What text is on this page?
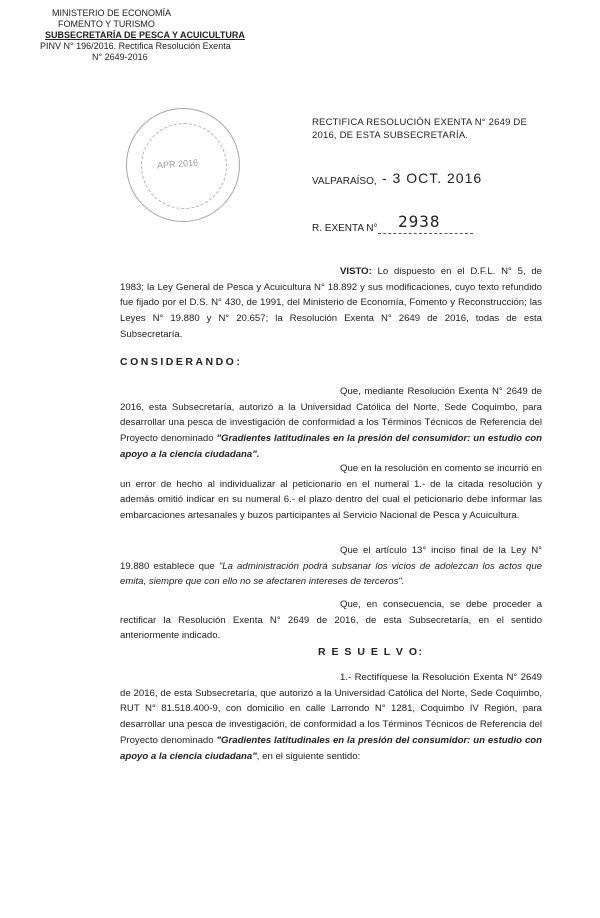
MINISTERIO DE ECONOMÍA
FOMENTO Y TURISMO
SUBSECRETARÍA DE PESCA Y ACUICULTURA
PINV N° 196/2016. Rectifica Resolución Exenta
N° 2649-2016
APR 2016
RECTIFICA RESOLUCIÓN EXENTA N° 2649 DE
2016, DE ESTA SUBSECRETARÍA.
VALPARAÍSO, - 3 OCT. 2016
R. EXENTA N° 2938

VISTO: Lo dispuesto en el D.F.L. N° 5, de 1983; la Ley General de Pesca y Acuicultura N° 18.892 y sus modificaciones, cuyo texto refundido fue fijado por el D.S. N° 430, de 1991, del Ministerio de Economía, Fomento y Reconstrucción; las Leyes N° 19.880 y N° 20.657; la Resolución Exenta N° 2649 de 2016, todas de esta Subsecretaría.

CONSIDERANDO:

Que, mediante Resolución Exenta N° 2649 de 2016, esta Subsecretaría, autorizó a la Universidad Católica del Norte, Sede Coquimbo, para desarrollar una pesca de investigación de conformidad a los Términos Técnicos de Referencia del Proyecto denominado "Gradientes latitudinales en la presión del consumidor: un estudio con apoyo a la ciencia ciudadana".

Que en la resolución en comento se incurrió en un error de hecho al individualizar al peticionario en el numeral 1.- de la citada resolución y además omitió indicar en su numeral 6.- el plazo dentro del cual el peticionario debe informar las embarcaciones artesanales y buzos participantes al Servicio Nacional de Pesca y Acuicultura.

Que el artículo 13° inciso final de la Ley N° 19.880 establece que "La administración podrá subsanar los vicios de adolezcan los actos que emita, siempre que con ello no se afectaren intereses de terceros".

Que, en consecuencia, se debe proceder a rectificar la Resolución Exenta N° 2649 de 2016, de esta Subsecretaría, en el sentido anteriormente indicado.

R E S U E L V O:

1.- Rectifíquese la Resolución Exenta N° 2649 de 2016, de esta Subsecretaría, que autorizó a la Universidad Católica del Norte, Sede Coquimbo, RUT N° 81.518.400-9, con domicilio en calle Larrondo N° 1281, Coquimbo IV Región, para desarrollar una pesca de investigación, de conformidad a los Términos Técnicos de Referencia del Proyecto denominado "Gradientes latitudinales en la presión del consumidor: un estudio con apoyo a la ciencia ciudadana", en el siguiente sentido:
